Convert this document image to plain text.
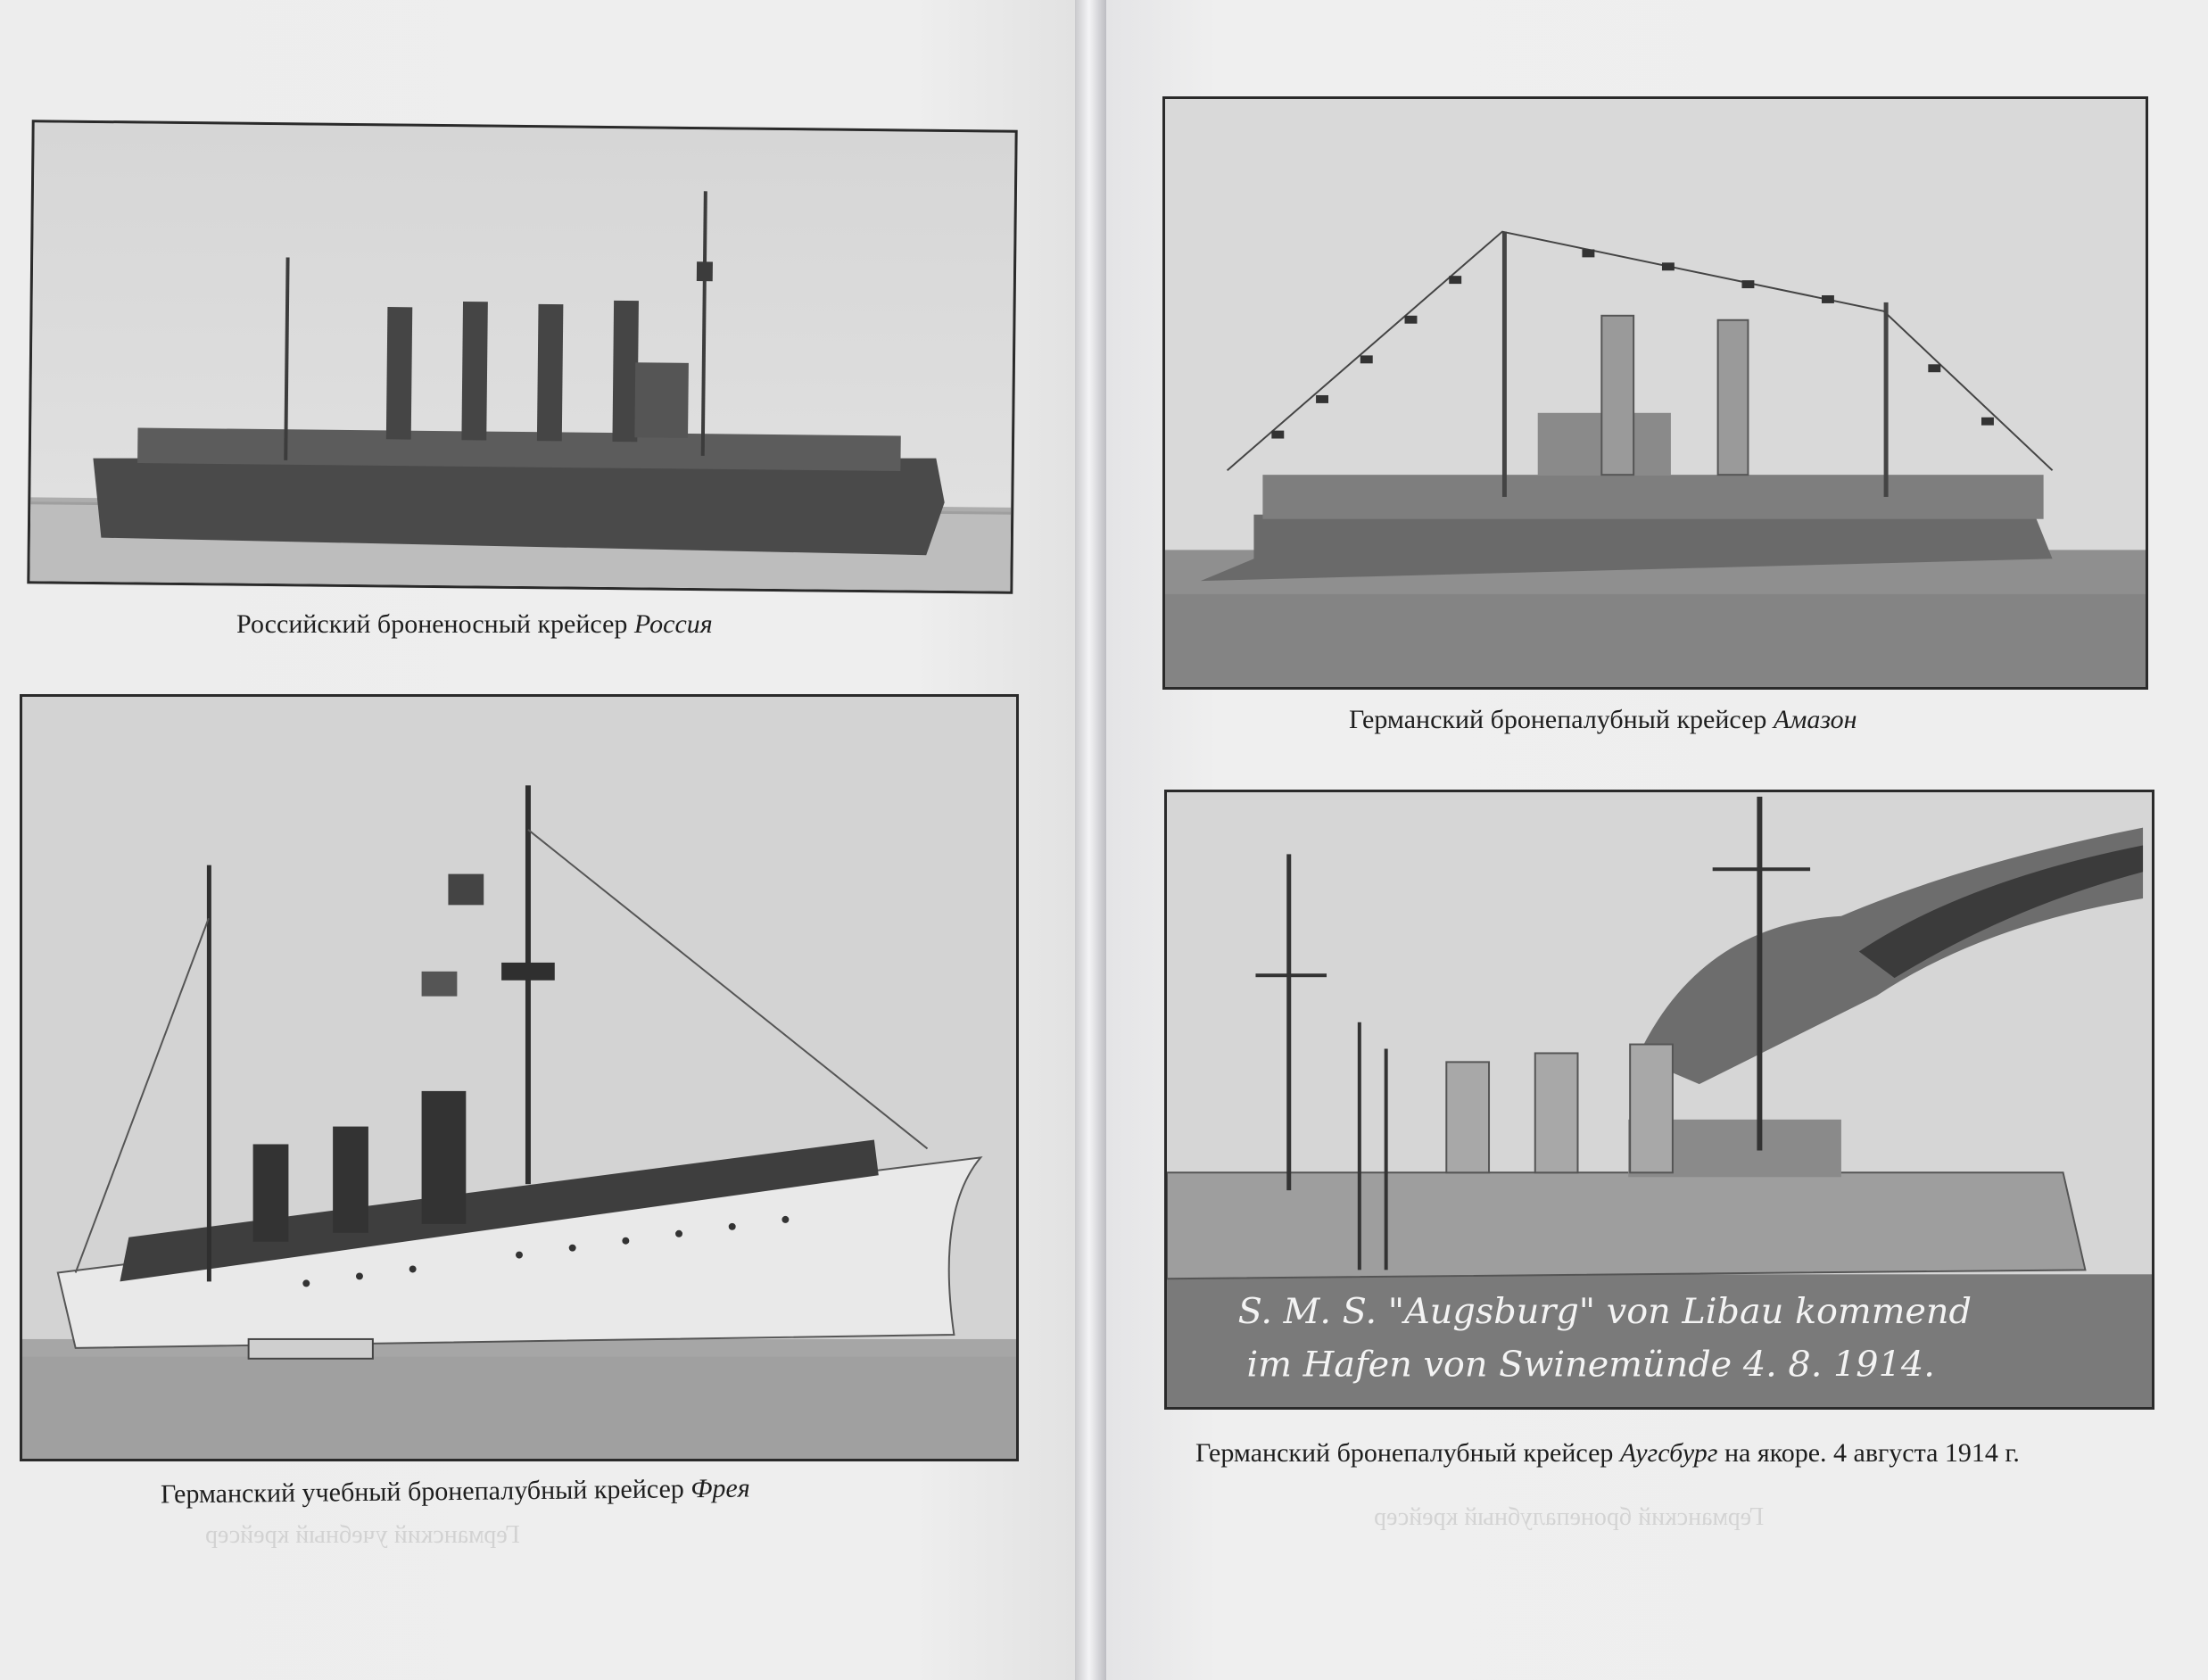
Германский учебный крейсер
Германский бронепалубный крейсер
Российский броненосный крейсер Россия
Германский учебный бронепалубный крейсер Фрея
Германский бронепалубный крейсер Амазон
S. M. S. "Augsburg" von Libau kommend
im Hafen von Swinemünde 4. 8. 1914.
Германский бронепалубный крейсер Аугсбург на якоре. 4 августа 1914 г.
